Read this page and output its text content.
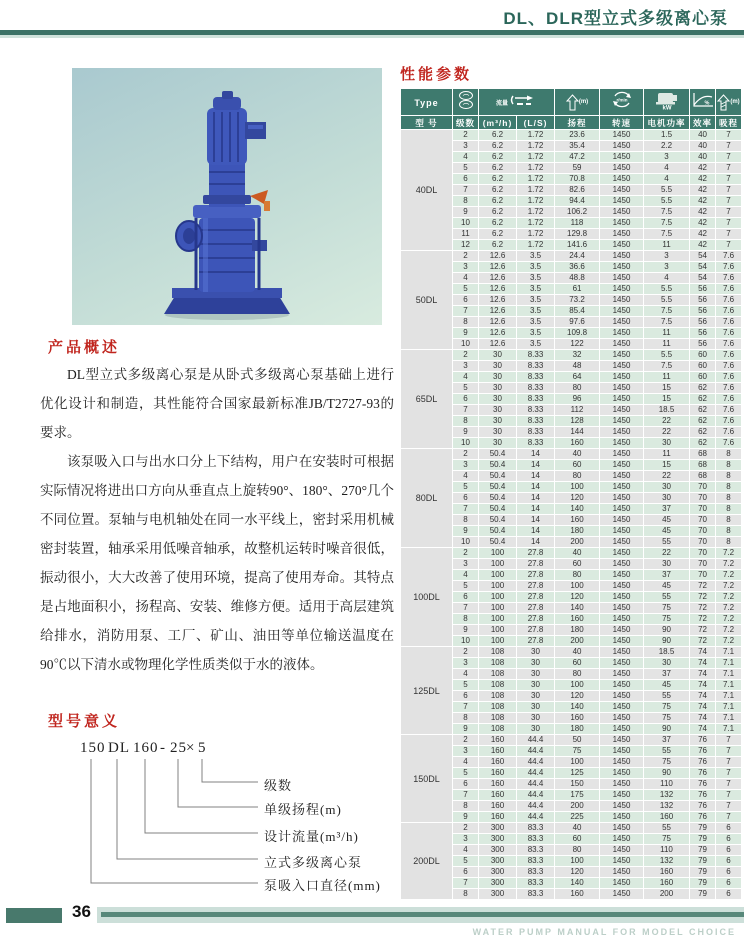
DL、DLR型立式多级离心泵
产品概述

DL型立式多级离心泵是从卧式多级离心泵基础上进行优化设计和制造，其性能符合国家最新标准JB/T2727-93的要求。

该泵吸入口与出水口分上下结构，用户在安装时可根据实际情况将进出口方向从垂直点上旋转90°、180°、270°几个不同位置。泵轴与电机轴处在同一水平线上，密封采用机械密封装置，轴承采用低噪音轴承，故整机运转时噪音很低，振动很小，大大改善了使用环境，提高了使用寿命。其特点是占地面积小，扬程高、安装、维修方便。适用于高层建筑给排水，消防用泵、工厂、矿山、油田等单位输送温度在90℃以下清水或物理化学性质类似于水的液体。

型号意义
150 DL 160 - 25 × 5
级数
单级扬程(m)
设计流量(m³/h)
立式多级离心泵
泵吸入口直径(mm)
性能参数
Type		流量		(m)	r/min	kW	%	(m)

型 号	级数	(m³/h)	(L/S)	扬程	转速	电机功率	效率	吸程
40DL	2	6.2	1.72	23.6	1450	1.5	40	7
	3	6.2	1.72	35.4	1450	2.2	40	7
	4	6.2	1.72	47.2	1450	3	40	7
	5	6.2	1.72	59	1450	4	42	7
	6	6.2	1.72	70.8	1450	4	42	7
	7	6.2	1.72	82.6	1450	5.5	42	7
	8	6.2	1.72	94.4	1450	5.5	42	7
	9	6.2	1.72	106.2	1450	7.5	42	7
	10	6.2	1.72	118	1450	7.5	42	7
	11	6.2	1.72	129.8	1450	7.5	42	7
	12	6.2	1.72	141.6	1450	11	42	7
50DL	2	12.6	3.5	24.4	1450	3	54	7.6
	3	12.6	3.5	36.6	1450	3	54	7.6
	4	12.6	3.5	48.8	1450	4	54	7.6
	5	12.6	3.5	61	1450	5.5	56	7.6
	6	12.6	3.5	73.2	1450	5.5	56	7.6
	7	12.6	3.5	85.4	1450	7.5	56	7.6
	8	12.6	3.5	97.6	1450	7.5	56	7.6
	9	12.6	3.5	109.8	1450	11	56	7.6
	10	12.6	3.5	122	1450	11	56	7.6
65DL	2	30	8.33	32	1450	5.5	60	7.6
	3	30	8.33	48	1450	7.5	60	7.6
	4	30	8.33	64	1450	11	60	7.6
	5	30	8.33	80	1450	15	62	7.6
	6	30	8.33	96	1450	15	62	7.6
	7	30	8.33	112	1450	18.5	62	7.6
	8	30	8.33	128	1450	22	62	7.6
	9	30	8.33	144	1450	22	62	7.6
	10	30	8.33	160	1450	30	62	7.6
80DL	2	50.4	14	40	1450	11	68	8
	3	50.4	14	60	1450	15	68	8
	4	50.4	14	80	1450	22	68	8
	5	50.4	14	100	1450	30	70	8
	6	50.4	14	120	1450	30	70	8
	7	50.4	14	140	1450	37	70	8
	8	50.4	14	160	1450	45	70	8
	9	50.4	14	180	1450	45	70	8
	10	50.4	14	200	1450	55	70	8
100DL	2	100	27.8	40	1450	22	70	7.2
	3	100	27.8	60	1450	30	70	7.2
	4	100	27.8	80	1450	37	70	7.2
	5	100	27.8	100	1450	45	72	7.2
	6	100	27.8	120	1450	55	72	7.2
	7	100	27.8	140	1450	75	72	7.2
	8	100	27.8	160	1450	75	72	7.2
	9	100	27.8	180	1450	90	72	7.2
	10	100	27.8	200	1450	90	72	7.2
125DL	2	108	30	40	1450	18.5	74	7.1
	3	108	30	60	1450	30	74	7.1
	4	108	30	80	1450	37	74	7.1
	5	108	30	100	1450	45	74	7.1
	6	108	30	120	1450	55	74	7.1
	7	108	30	140	1450	75	74	7.1
	8	108	30	160	1450	75	74	7.1
	9	108	30	180	1450	90	74	7.1
150DL	2	160	44.4	50	1450	37	76	7
	3	160	44.4	75	1450	55	76	7
	4	160	44.4	100	1450	75	76	7
	5	160	44.4	125	1450	90	76	7
	6	160	44.4	150	1450	110	76	7
	7	160	44.4	175	1450	132	76	7
	8	160	44.4	200	1450	132	76	7
	9	160	44.4	225	1450	160	76	7
200DL	2	300	83.3	40	1450	55	79	6
	3	300	83.3	60	1450	75	79	6
	4	300	83.3	80	1450	110	79	6
	5	300	83.3	100	1450	132	79	6
	6	300	83.3	120	1450	160	79	6
	7	300	83.3	140	1450	160	79	6
	8	300	83.3	160	1450	200	79	6
36
WATER PUMP MANUAL FOR MODEL CHOICE
